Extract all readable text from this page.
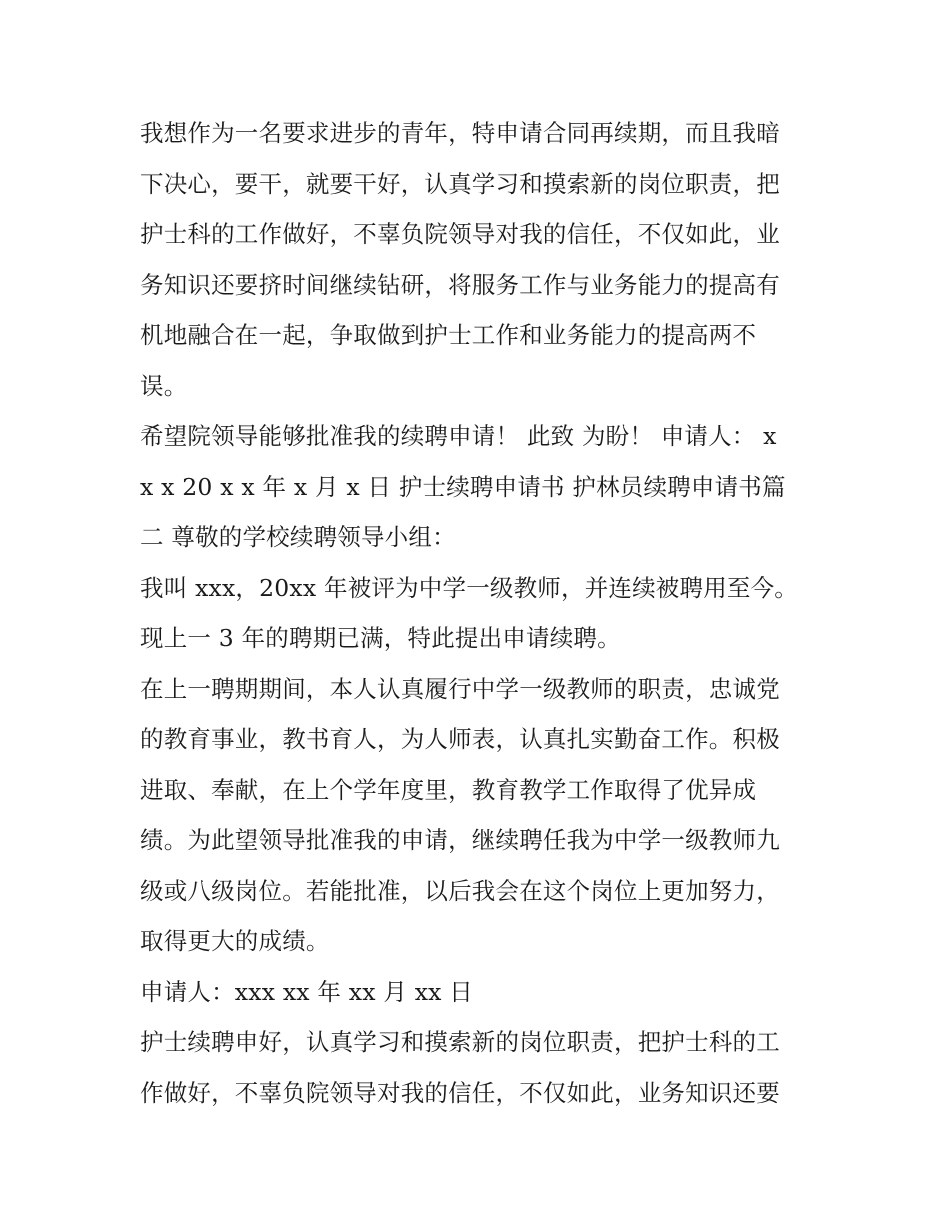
我想作为一名要求进步的青年，特申请合同再续期，而且我暗
下决心，要干，就要干好，认真学习和摸索新的岗位职责，把
护士科的工作做好，不辜负院领导对我的信任，不仅如此，业
务知识还要挤时间继续钻研，将服务工作与业务能力的提高有
机地融合在一起，争取做到护士工作和业务能力的提高两不
误。
希望院领导能够批准我的续聘申请！ 此致 为盼！ 申请人： x
x x 20 x x 年 x 月 x 日 护士续聘申请书 护林员续聘申请书篇
二 尊敬的学校续聘领导小组：
我叫 xxx，20xx 年被评为中学一级教师，并连续被聘用至今。
现上一 3 年的聘期已满，特此提出申请续聘。
在上一聘期期间，本人认真履行中学一级教师的职责，忠诚党
的教育事业，教书育人，为人师表，认真扎实勤奋工作。积极
进取、奉献，在上个学年度里，教育教学工作取得了优异成
绩。为此望领导批准我的申请，继续聘任我为中学一级教师九
级或八级岗位。若能批准，以后我会在这个岗位上更加努力，
取得更大的成绩。
申请人：xxx xx 年 xx 月 xx 日
护士续聘申好，认真学习和摸索新的岗位职责，把护士科的工
作做好，不辜负院领导对我的信任，不仅如此，业务知识还要
